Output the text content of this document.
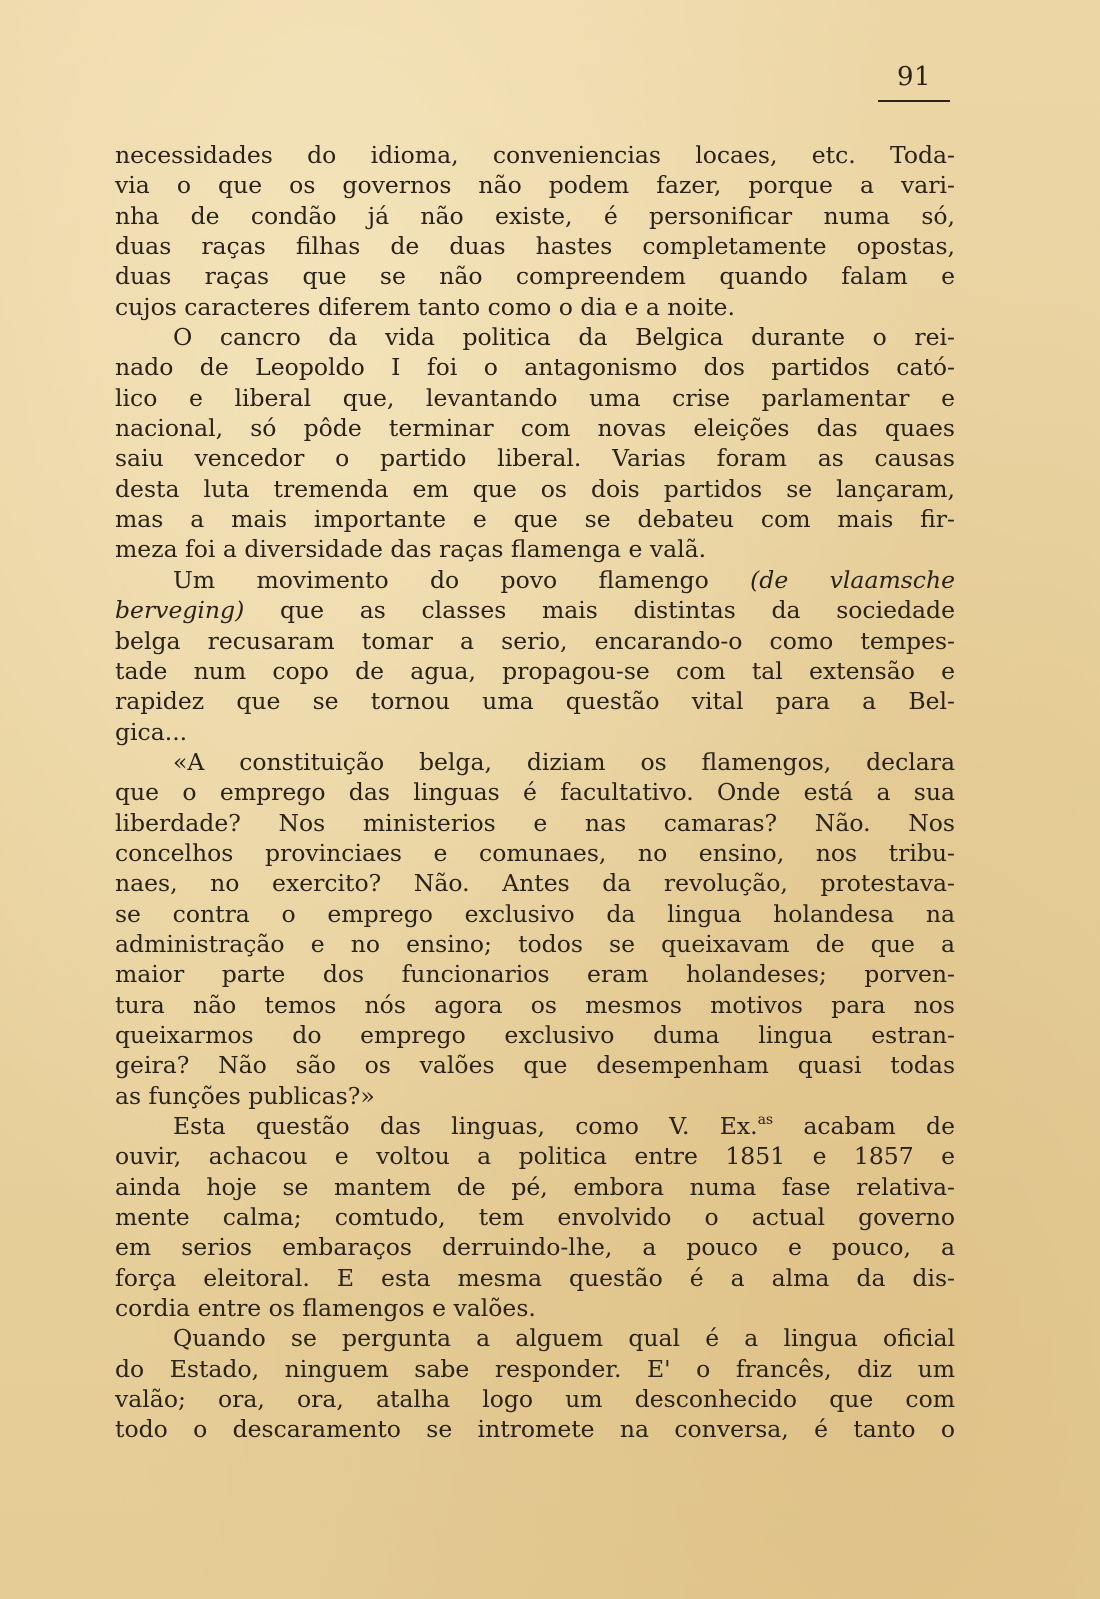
91
necessidades do idioma, conveniencias locaes, etc. Toda-
via o que os governos não podem fazer, porque a vari-
nha de condão já não existe, é personificar numa só,
duas raças filhas de duas hastes completamente opostas,
duas raças que se não compreendem quando falam e
cujos caracteres diferem tanto como o dia e a noite.
O cancro da vida politica da Belgica durante o rei-
nado de Leopoldo I foi o antagonismo dos partidos cató-
lico e liberal que, levantando uma crise parlamentar e
nacional, só pôde terminar com novas eleições das quaes
saiu vencedor o partido liberal. Varias foram as causas
desta luta tremenda em que os dois partidos se lançaram,
mas a mais importante e que se debateu com mais fir-
meza foi a diversidade das raças flamenga e valã.
Um movimento do povo flamengo (de vlaamsche
berveging) que as classes mais distintas da sociedade
belga recusaram tomar a serio, encarando-o como tempes-
tade num copo de agua, propagou-se com tal extensão e
rapidez que se tornou uma questão vital para a Bel-
gica...
«A constituição belga, diziam os flamengos, declara
que o emprego das linguas é facultativo. Onde está a sua
liberdade? Nos ministerios e nas camaras? Não. Nos
concelhos provinciaes e comunaes, no ensino, nos tribu-
naes, no exercito? Não. Antes da revolução, protestava-
se contra o emprego exclusivo da lingua holandesa na
administração e no ensino; todos se queixavam de que a
maior parte dos funcionarios eram holandeses; porven-
tura não temos nós agora os mesmos motivos para nos
queixarmos do emprego exclusivo duma lingua estran-
geira? Não são os valões que desempenham quasi todas
as funções publicas?»
Esta questão das linguas, como V. Ex.$^{as}$ acabam de
ouvir, achacou e voltou a politica entre 1851 e 1857 e
ainda hoje se mantem de pé, embora numa fase relativa-
mente calma; comtudo, tem envolvido o actual governo
em serios embaraços derruindo-lhe, a pouco e pouco, a
força eleitoral. E esta mesma questão é a alma da dis-
cordia entre os flamengos e valões.
Quando se pergunta a alguem qual é a lingua oficial
do Estado, ninguem sabe responder. E' o francês, diz um
valão; ora, ora, atalha logo um desconhecido que com
todo o descaramento se intromete na conversa, é tanto o
